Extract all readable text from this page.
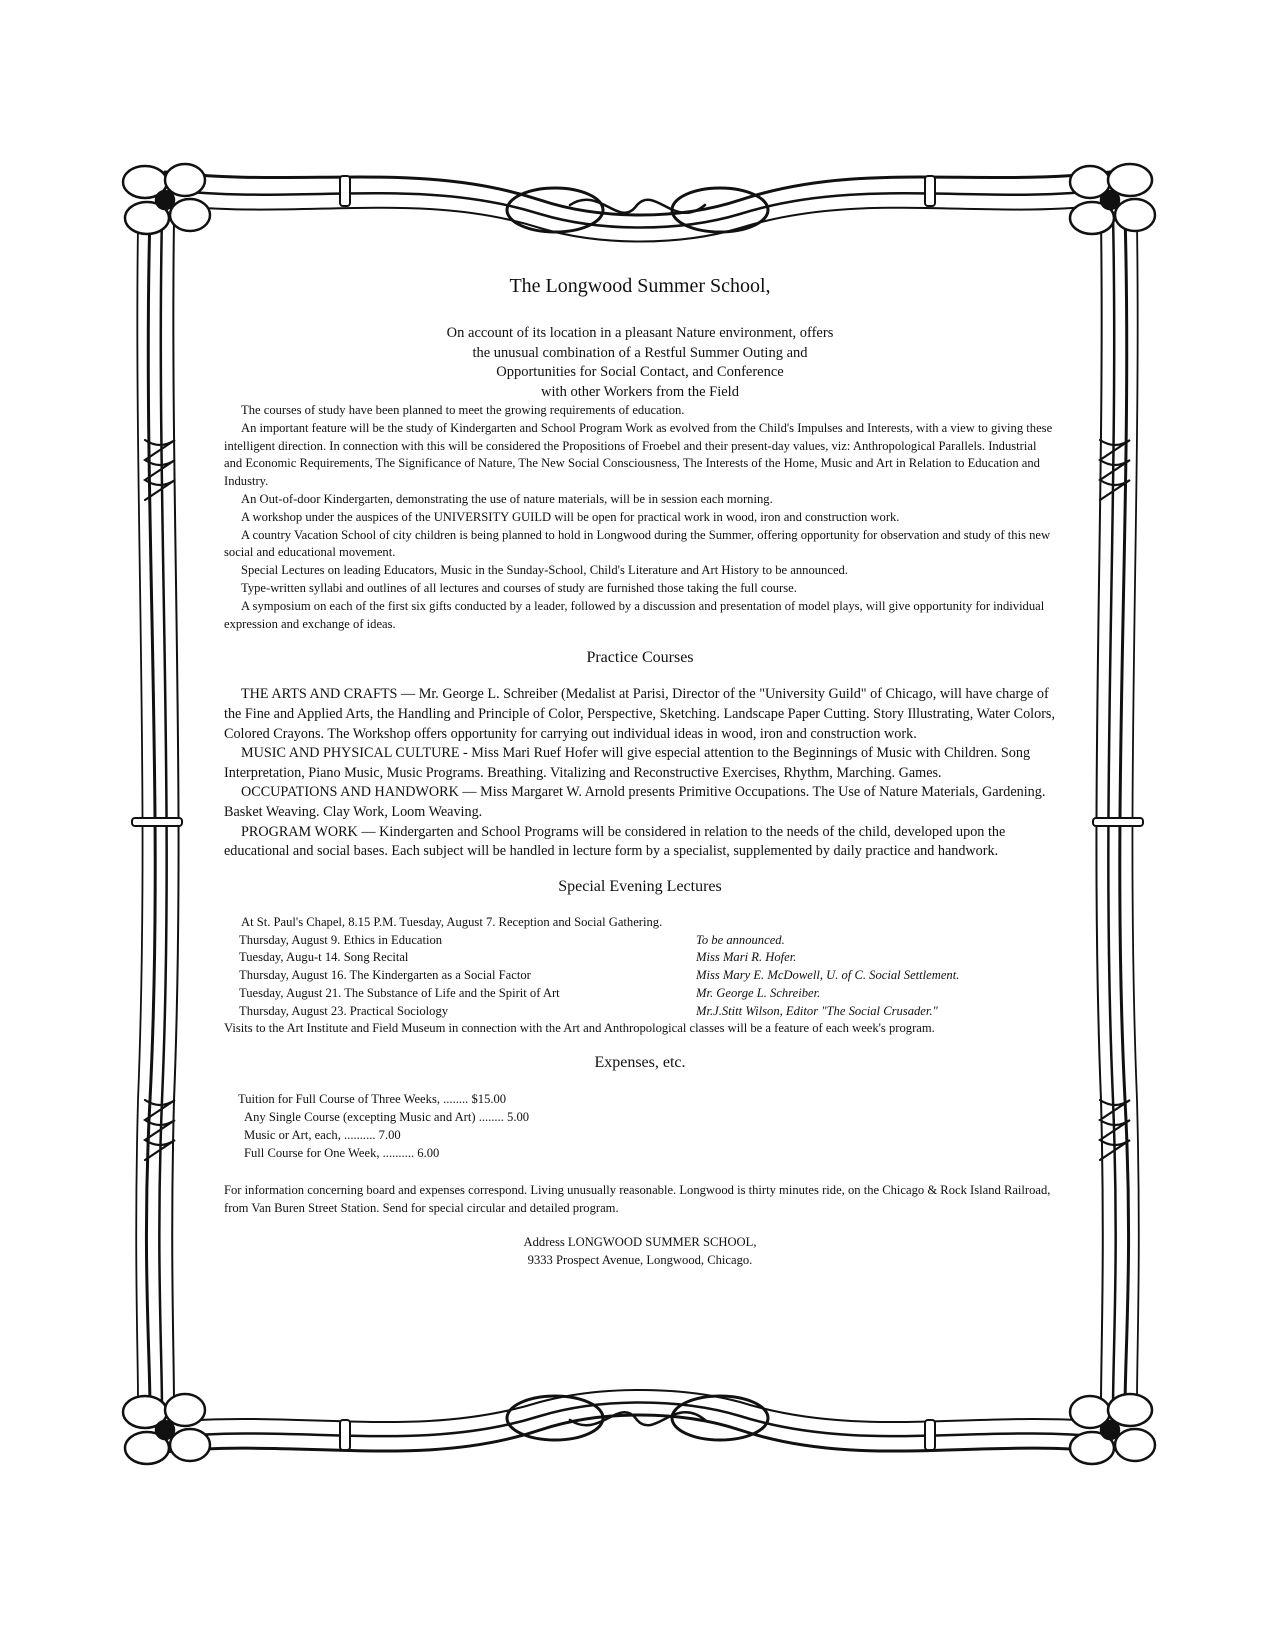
The Longwood Summer School,

On account of its location in a pleasant Nature environment, offers

the unusual combination of a Restful Summer Outing and

Opportunities for Social Contact, and Conference

with other Workers from the Field

The courses of study have been planned to meet the growing requirements of education.

An important feature will be the study of Kindergarten and School Program Work as evolved from the Child's Impulses and Interests, with a view to giving these intelligent direction. In connection with this will be considered the Propositions of Froebel and their present-day values, viz: Anthropological Parallels. Industrial and Economic Requirements, The Significance of Nature, The New Social Consciousness, The Interests of the Home, Music and Art in Relation to Education and Industry.

An Out-of-door Kindergarten, demonstrating the use of nature materials, will be in session each morning.

A workshop under the auspices of the UNIVERSITY GUILD will be open for practical work in wood, iron and construction work.

A country Vacation School of city children is being planned to hold in Longwood during the Summer, offering opportunity for observation and study of this new social and educational movement.

Special Lectures on leading Educators, Music in the Sunday-School, Child's Literature and Art History to be announced.

Type-written syllabi and outlines of all lectures and courses of study are furnished those taking the full course.

A symposium on each of the first six gifts conducted by a leader, followed by a discussion and presentation of model plays, will give opportunity for individual expression and exchange of ideas.

Practice Courses

THE ARTS AND CRAFTS — Mr. George L. Schreiber (Medalist at Parisi, Director of the "University Guild" of Chicago, will have charge of the Fine and Applied Arts, the Handling and Principle of Color, Perspective, Sketching. Landscape Paper Cutting. Story Illustrating, Water Colors, Colored Crayons. The Workshop offers opportunity for carrying out individual ideas in wood, iron and construction work.

MUSIC AND PHYSICAL CULTURE - Miss Mari Ruef Hofer will give especial attention to the Beginnings of Music with Children. Song Interpretation, Piano Music, Music Programs. Breathing. Vitalizing and Reconstructive Exercises, Rhythm, Marching. Games.

OCCUPATIONS AND HANDWORK — Miss Margaret W. Arnold presents Primitive Occupations. The Use of Nature Materials, Gardening. Basket Weaving. Clay Work, Loom Weaving.

PROGRAM WORK — Kindergarten and School Programs will be considered in relation to the needs of the child, developed upon the educational and social bases. Each subject will be handled in lecture form by a specialist, supplemented by daily practice and handwork.

Special Evening Lectures

At St. Paul's Chapel, 8.15 P.M. Tuesday, August 7. Reception and Social Gathering.

Thursday, August 9. Ethics in Education	To be announced.
Tuesday, Augu-t 14. Song Recital	Miss Mari R. Hofer.
Thursday, August 16. The Kindergarten as a Social Factor	Miss Mary E. McDowell, U. of C. Social Settlement.
Tuesday, August 21. The Substance of Life and the Spirit of Art	Mr. George L. Schreiber.
Thursday, August 23. Practical Sociology	Mr.J.Stitt Wilson, Editor "The Social Crusader."

Visits to the Art Institute and Field Museum in connection with the Art and Anthropological classes will be a feature of each week's program.

Expenses, etc.

Tuition for Full Course of Three Weeks, ........ $15.00

Any Single Course (excepting Music and Art) ........ 5.00

Music or Art, each, .......... 7.00

Full Course for One Week, .......... 6.00

For information concerning board and expenses correspond. Living unusually reasonable. Longwood is thirty minutes ride, on the Chicago & Rock Island Railroad, from Van Buren Street Station. Send for special circular and detailed program.

Address LONGWOOD SUMMER SCHOOL,
9333 Prospect Avenue, Longwood, Chicago.
